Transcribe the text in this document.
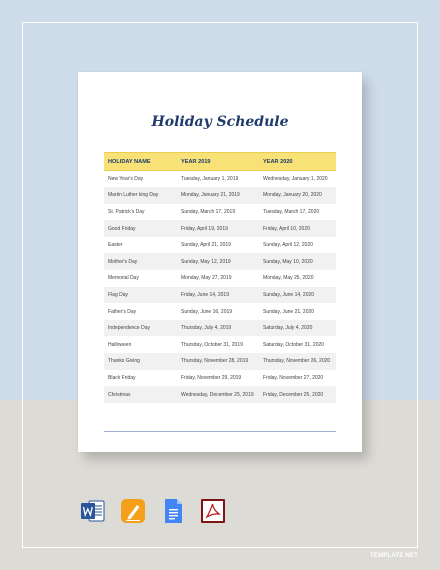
Holiday Schedule
HOLIDAY NAME	YEAR 2019	YEAR 2020
New Year's Day	Tuesday, January 1, 2019	Wednesday, January 1, 2020
Martin Luther king Day	Monday, January 21, 2019	Monday, January 20, 2020
St. Patrick's Day	Sunday, March 17, 2019	Tuesday, March 17, 2020
Good Friday	Friday, April 19, 2019	Friday, April 10, 2020
Easter	Sunday, April 21, 2019	Sunday, April 12, 2020
Mother's Day	Sunday, May 12, 2019	Sunday, May 10, 2020
Memorial Day	Monday, May 27, 2019	Monday, May 25, 2020
Flag Day	Friday, June 14, 2019	Sunday, June 14, 2020
Father's Day	Sunday, June 16, 2019	Sunday, June 21, 2020
Independence Day	Thursday, July 4, 2019	Saturday, July 4, 2020
Halloween	Thursday, October 31, 2019	Saturday, October 31, 2020
Thanks Giving	Thursday, November 28, 2019	Thursday, November 26, 2020
Black Friday	Friday, November 29, 2019	Friday, November 27, 2020
Christmas	Wednesday, December 25, 2019	Friday, December 25, 2020
TEMPLATE.NET
